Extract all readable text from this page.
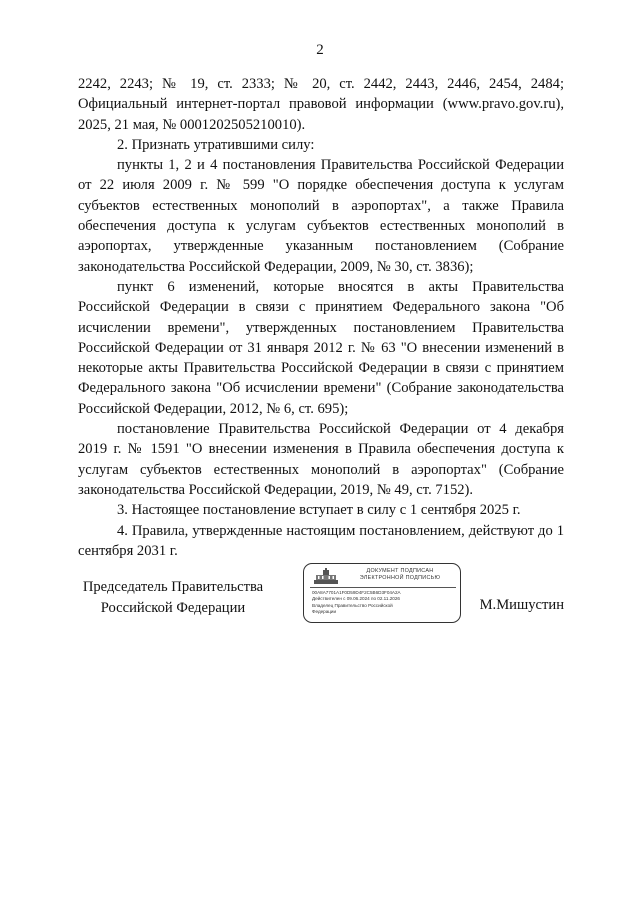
2

2242, 2243; № 19, ст. 2333; № 20, ст. 2442, 2443, 2446, 2454, 2484; Официальный интернет-портал правовой информации (www.pravo.gov.ru), 2025, 21 мая, № 0001202505210010).

2. Признать утратившими силу:

пункты 1, 2 и 4 постановления Правительства Российской Федерации от 22 июля 2009 г. № 599 "О порядке обеспечения доступа к услугам субъектов естественных монополий в аэропортах", а также Правила обеспечения доступа к услугам субъектов естественных монополий в аэропортах, утвержденные указанным постановлением (Собрание законодательства Российской Федерации, 2009, № 30, ст. 3836);

пункт 6 изменений, которые вносятся в акты Правительства Российской Федерации в связи с принятием Федерального закона "Об исчислении времени", утвержденных постановлением Правительства Российской Федерации от 31 января 2012 г. № 63 "О внесении изменений в некоторые акты Правительства Российской Федерации в связи с принятием Федерального закона "Об исчислении времени" (Собрание законодательства Российской Федерации, 2012, № 6, ст. 695);

постановление Правительства Российской Федерации от 4 декабря 2019 г. № 1591 "О внесении изменения в Правила обеспечения доступа к услугам субъектов естественных монополий в аэропортах" (Собрание законодательства Российской Федерации, 2019, № 49, ст. 7152).

3. Настоящее постановление вступает в силу с 1 сентября 2025 г.

4. Правила, утвержденные настоящим постановлением, действуют до 1 сентября 2031 г.

Председатель Правительства
Российской Федерации
ДОКУМЕНТ ПОДПИСАН
ЭЛЕКТРОННОЙ ПОДПИСЬЮ
00A8A7701A1F0D59D4F2C5B6D3F04A2A
Действителен с 09.06.2024 по 02.11.2026
Владелец Правительство Российской
Федерации	М.Мишустин
